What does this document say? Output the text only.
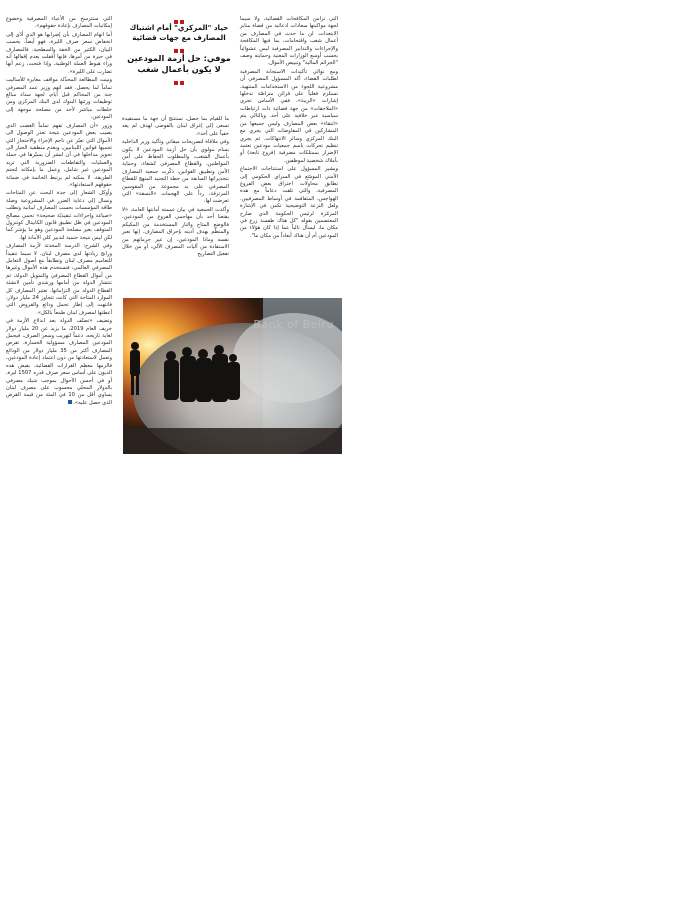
التي تزامن المكافحات القضائية، ولا سيما لجهة مواكبتها سعادات ادعائية من قضاة منابر الابتعدات. لن ما حدث في المصارف من أعمال شغب واقتحامات، بما فيها المكافحة والإجراءات والتدابير المصرفية ليس عشوائياً بحسب أوسع الوزارات المعنية وحمايته وصف "الجرائم المالية" وتبييض الأموال.

ومع توالي تأكيدات الاستجابة المصرفية لطلبات القضاء، أكد المسؤول المصرفي أن مشروعية اللجوء من الاستخدامات المنتهية، تستلزم فعلياً على قرائن متراصّة تدخلها إشارات «الريبة»، ففي الأساس تجري «الملاحقات» من جهة قضائية ذات ارتباطات سياسية عبر خلافية على أحد. وبالتالي يتم «انتقاء» بعض المصارف وليس جميعها من المشاركين في المفاوضات التي يجري مع البنك المركزي وسائر الانتهاكات. ثم يجري تنظيم تحركات باسم جمعيات مودعين تعتمد الإضرار بممتلكات مصرفية (فروع تابعة) أو بأملاك شخصية لموظفين.

ويشير المسؤول على استنتاجات الاجتماع الأمني الموسّع في السراي الحكومي إلى تطابق محاولات اختراق بعض الفروع المصرفية، والتي تلقت دعاماً مع هذه الهواجس، المتفاقمة في أوساط المصرفيين. ولعل النزعة التوضيحية تكمن في الإشارة المرمّزة لرئيس الحكومة الذي صارح المعتصمين بقوله "كل هناك طفسة زرع في مكان ما، ليسأل تالياً عما إذا كان هؤلاء من المودعين أم أن هناك أبعاداً من مكان ما".

حياد "المركزي" أمام اشتباك المصارف مع جهات قضائية
موفي: حل أزمة المودعين لا يكون بأعمال شغب

ما للقيام بما حصل، نستنتج أن جهة ما مستفيدة تسعى إلى إغراق لبنان بالفوضى لهدف لم يعد خفياً على أحد».

وفي ملاقاة لتصريحات ميقاتي وتأكيد وزير الداخلية بسام مولوي بأن حل أزمة المودعين لا يكون بأعمال الشغب، والمطلوب الحفاظ على أمن المواطنين، والقطاع المصرفي كشغاء، وحماية الأمن وتطبيق القوانين، ذكّرت جمعية المصارف بتحذيراتها السابقة من خطة التجنيد المنهج للقطاع المصرفي على يد مجموعة من المقوسين المرتزقة، رداً على الهجمات «النسقة» التي تعرضت لها.

وأكدت الجمعية في بيان عممته أمانتها العامة، «لا يقنعنا أحد بأن مهاجمي الفروع من المودعين، فالوضع المتاح والنار المستخدمة من المكيكم والمنظّم بهدف أذيته بإحراق المصارف. إنها تعبر نفسه وماذا المودعين، إن عير جرمانهم من الاستفادة من آليات المصرف الآلي، أو من خلال تفعيل التصاريح

Bank of Beiru

التي ستترسخ من الأعباء المصرفية وخضوع إمكانيات المصارف بإعادة حقوقهم».

أما اتهام المصارف بأن إضرابها هو الذي أدّى إلى انخفاض سعر صرف الليرة، فهو أيضاً، بحسب البيان، الكثير من الخفة والسطحية. فالمصارف في حيرة من أمرها، فإنها أقفلت بعدم إقفالها أنه وراء هبوط العملة الوطنية، وإذا فتحت، زعم أنها تضارب على الليرة».

وبينت المطالعة المحذّلة مواقف مغايرة للأساليب تماماً لما يحصل. فقد اتهم وزير عمد المصرفي جنة من المحاكم قبل أيام، لجهة سداد مبالغ توظيفات ورثتها البنوك لدى البنك المركزي ومن خلطات مباشر لأحد من مصلحة موجهة إلى المودعين.

وزور «أن المصارف تفهم تماماً الغضب الذي يصيب بعض المودعين نتيجة تعذر الوصول الى الأموال التي تعبّر عن ناجم الإجراء والاحتجاز التي تحميها قوانين اللبنانيين، وبعدم منطقية الخيار الى تحوير مداخلها في آن لنشر أن يسيّرها في جملة والعمليات والتقاطعات الضرورية التي تريد المودعين غير شامل، وعمل ما بإمكانه لتحتم الطريقة. لا يمكنه لم يرتبط الخاتمة في ضمانة حقوقهم لاستعادتها».

وأوكل الشعار إلى جدة البحث عن المتاحات ونسال إلى دعاية الضرر في المشروعية وصلة طاقة المؤسسات بحسب المصارف لبنانية وتطلب «صياغة وإجراءات تنفيذيّة صحيحة» تحمي مصالح المودعين في ظل تطبيق قانون الكابيتال كونترول المتوقف بغير مصلحة المودعين وهو ما يؤشر كما لكن ليس نتيجة حتمية لتدبير كلي الأمانة لها.

وفي الشرح: الدرسة المحدثة لأزمة المصارف ورانج زيادتها لدى مصرف لبنان، لا سيما تنفيذاً للتعاميم مصرف لبنان وتطابقاً مع أصول التعامل المصرفي العالمي، فتستخدم هذه الأموال وغيرها من أموال القطاع المصرفي والتمويل الدولة، ثم تنتشار الدولة من أمامها ورشدي تأمين لانشئة القطاع الدولة من التزاماتها. تعتبر المصارف كل الموارد المتاحة التي كانت تتجاوز 24 مليار دولار، فانتهت إلى إطار تحمل ودائع والقروض التي أعطتها لمصرف لبنان طمعاً بالكل».

وتضيف «تصنّف الدولة بعد اندلاع الأزمة في خريف العام 2019، ما يزيد عن 20 مليار دولار لغاية تاريخه، دعماً لتهريب وسعر الصرف، فيحمل المودعين المصارف مسؤولية الخسارة، تقرض المصارف أكثر من 35 مليار دولار من الودائع وتعمل لاستعادتها من دون اعتماد إعادة المودعين، فالزمها معظم القرارات القضائية، بقبض هذه الديون على أساس سعر صرف قدره 1507 ليرة، أو في أحسن الأحوال بموجب شيك مصرفي بالدولار المحلي محسوب على مصرف لبنان يساوي أقل من 10 في المئة من قيمة القرض الذي حصل عليه».
